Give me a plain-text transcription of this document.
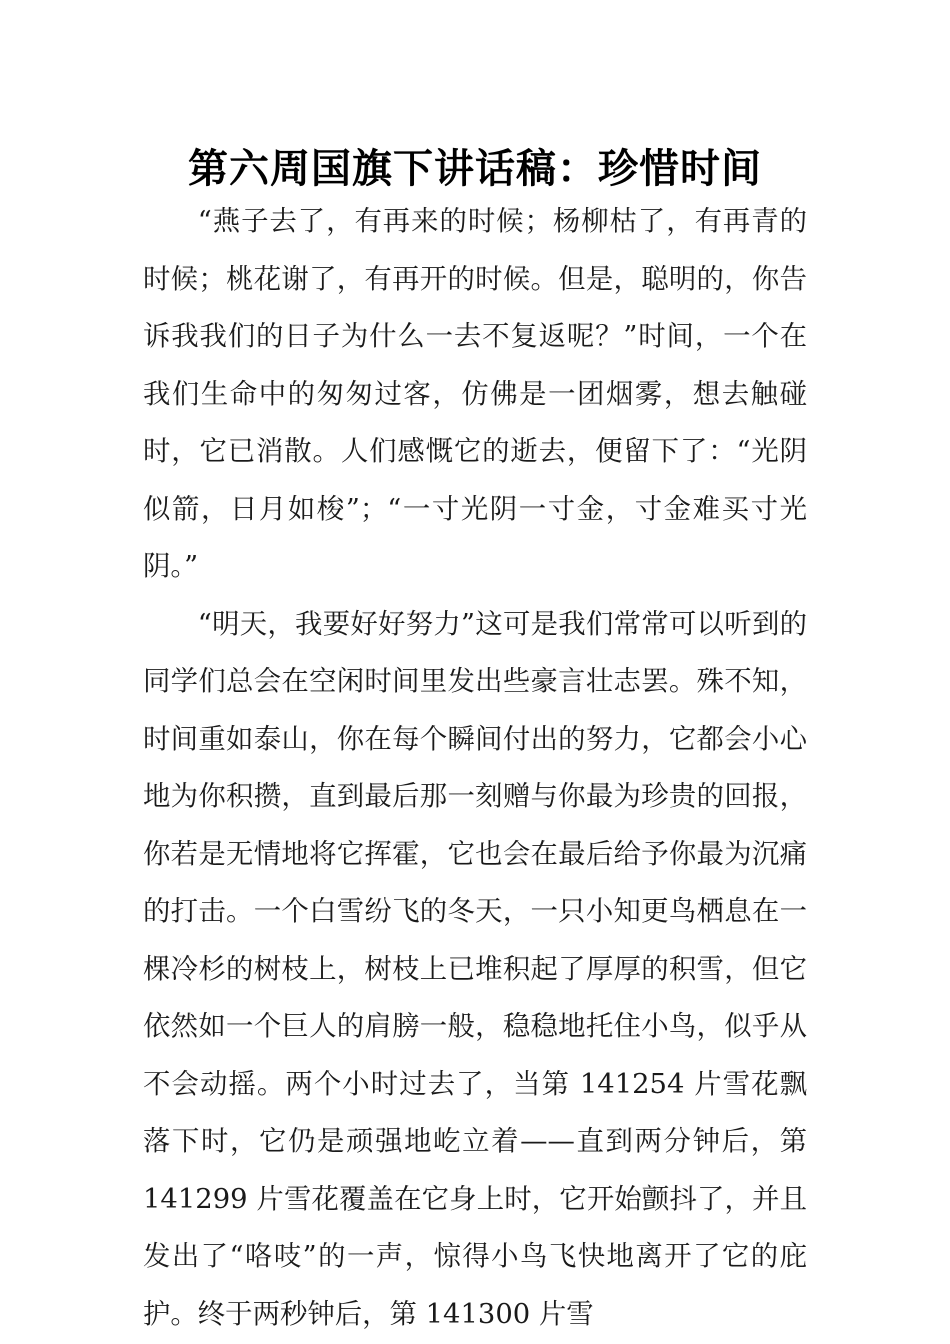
第六周国旗下讲话稿：珍惜时间

“燕子去了，有再来的时候；杨柳枯了，有再青的时候；桃花谢了，有再开的时候。但是，聪明的，你告诉我我们的日子为什么一去不复返呢？”时间，一个在我们生命中的匆匆过客，仿佛是一团烟雾，想去触碰时，它已消散。人们感慨它的逝去，便留下了：“光阴似箭，日月如梭”；“一寸光阴一寸金，寸金难买寸光阴。”

“明天，我要好好努力”这可是我们常常可以听到的同学们总会在空闲时间里发出些豪言壮志罢。殊不知，时间重如泰山，你在每个瞬间付出的努力，它都会小心地为你积攒，直到最后那一刻赠与你最为珍贵的回报，你若是无情地将它挥霍，它也会在最后给予你最为沉痛的打击。一个白雪纷飞的冬天，一只小知更鸟栖息在一棵冷杉的树枝上，树枝上已堆积起了厚厚的积雪，但它依然如一个巨人的肩膀一般，稳稳地托住小鸟，似乎从不会动摇。两个小时过去了，当第 141254 片雪花飘落下时，它仍是顽强地屹立着——直到两分钟后，第 141299 片雪花覆盖在它身上时，它开始颤抖了，并且发出了“咯吱”的一声，惊得小鸟飞快地离开了它的庇护。终于两秒钟后，第 141300 片雪
